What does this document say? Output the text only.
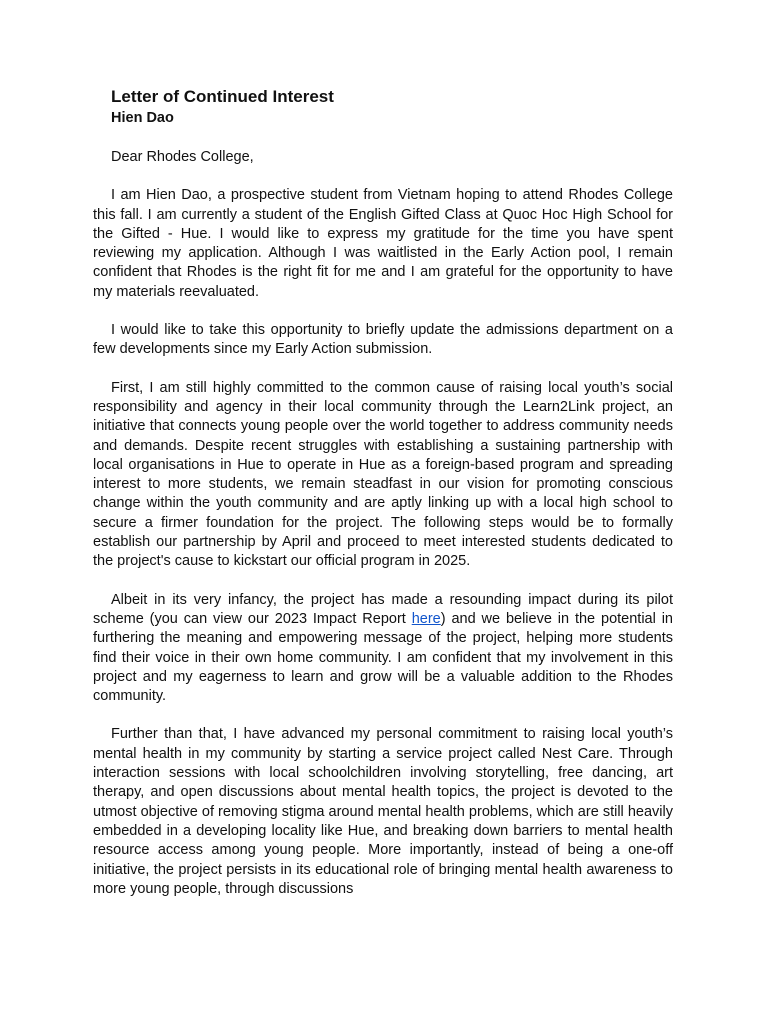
Letter of Continued Interest

Hien Dao

Dear Rhodes College,

I am Hien Dao, a prospective student from Vietnam hoping to attend Rhodes College this fall. I am currently a student of the English Gifted Class at Quoc Hoc High School for the Gifted - Hue. I would like to express my gratitude for the time you have spent reviewing my application. Although I was waitlisted in the Early Action pool, I remain confident that Rhodes is the right fit for me and I am grateful for the opportunity to have my materials reevaluated.

I would like to take this opportunity to briefly update the admissions department on a few developments since my Early Action submission.

First, I am still highly committed to the common cause of raising local youth’s social responsibility and agency in their local community through the Learn2Link project, an initiative that connects young people over the world together to address community needs and demands. Despite recent struggles with establishing a sustaining partnership with local organisations in Hue to operate in Hue as a foreign-based program and spreading interest to more students, we remain steadfast in our vision for promoting conscious change within the youth community and are aptly linking up with a local high school to secure a firmer foundation for the project. The following steps would be to formally establish our partnership by April and proceed to meet interested students dedicated to the project's cause to kickstart our official program in 2025.

Albeit in its very infancy, the project has made a resounding impact during its pilot scheme (you can view our 2023 Impact Report here) and we believe in the potential in furthering the meaning and empowering message of the project, helping more students find their voice in their own home community. I am confident that my involvement in this project and my eagerness to learn and grow will be a valuable addition to the Rhodes community.

Further than that, I have advanced my personal commitment to raising local youth’s mental health in my community by starting a service project called Nest Care. Through interaction sessions with local schoolchildren involving storytelling, free dancing, art therapy, and open discussions about mental health topics, the project is devoted to the utmost objective of removing stigma around mental health problems, which are still heavily embedded in a developing locality like Hue, and breaking down barriers to mental health resource access among young people. More importantly, instead of being a one-off initiative, the project persists in its educational role of bringing mental health awareness to more young people, through discussions
